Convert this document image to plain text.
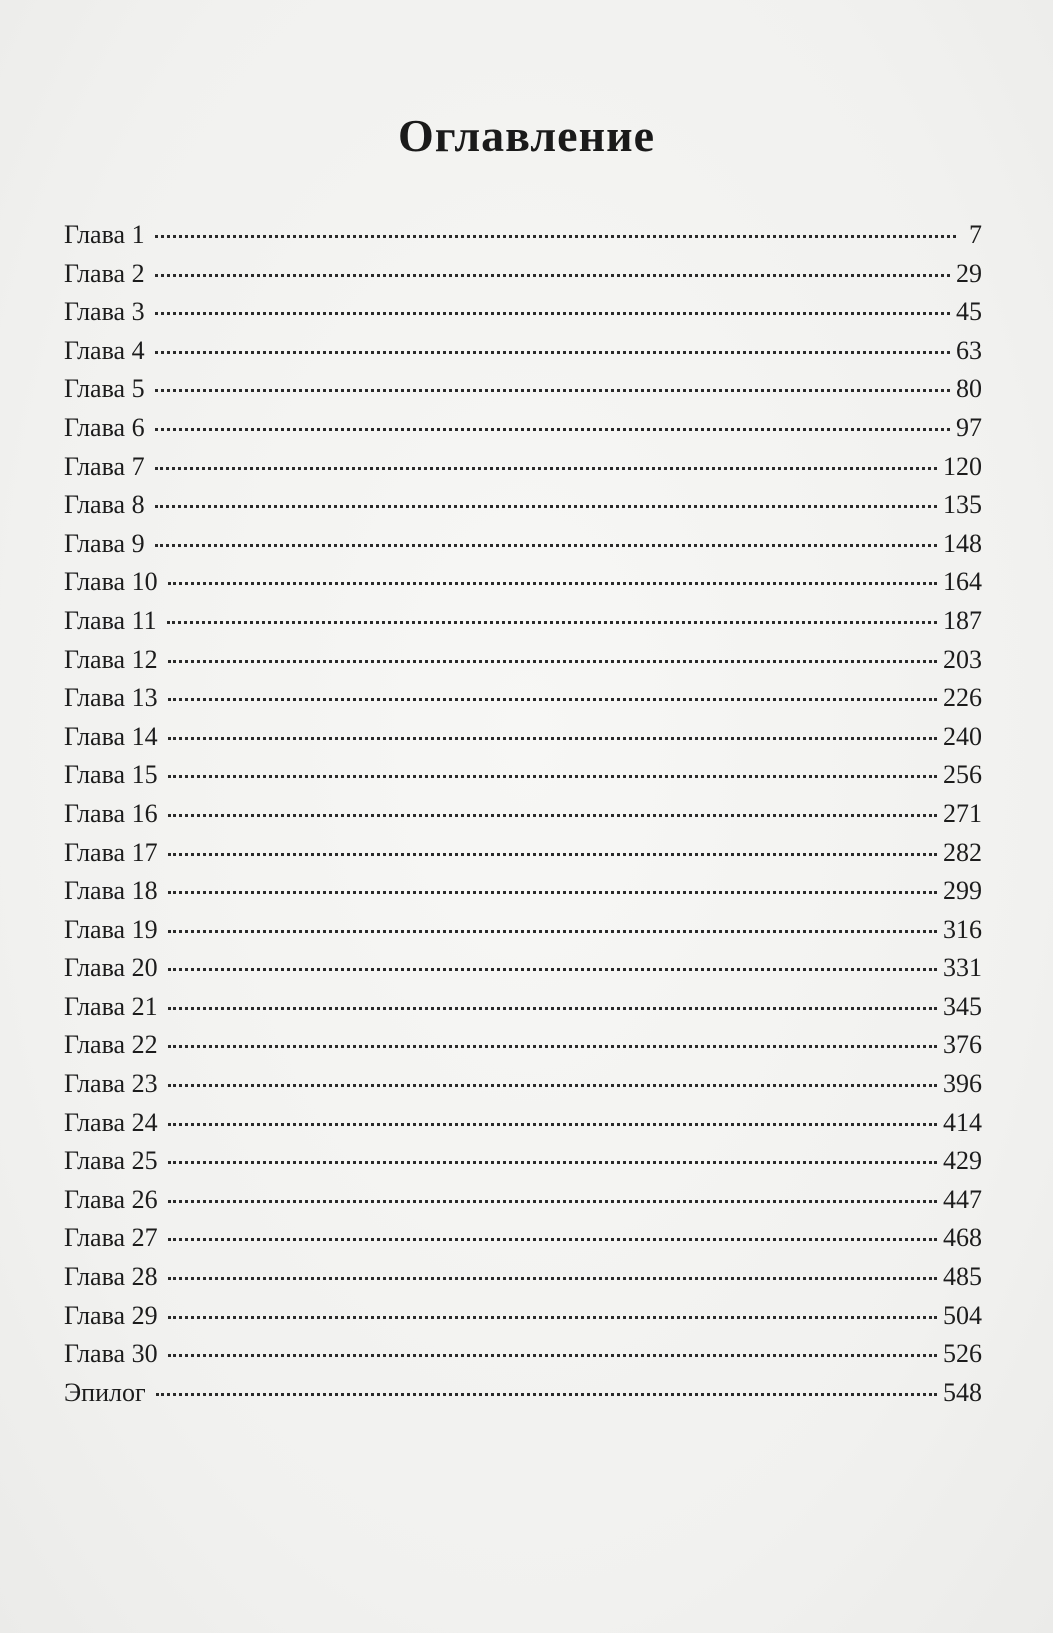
Оглавление
Глава 1	7
Глава 2	29
Глава 3	45
Глава 4	63
Глава 5	80
Глава 6	97
Глава 7	120
Глава 8	135
Глава 9	148
Глава 10	164
Глава 11	187
Глава 12	203
Глава 13	226
Глава 14	240
Глава 15	256
Глава 16	271
Глава 17	282
Глава 18	299
Глава 19	316
Глава 20	331
Глава 21	345
Глава 22	376
Глава 23	396
Глава 24	414
Глава 25	429
Глава 26	447
Глава 27	468
Глава 28	485
Глава 29	504
Глава 30	526
Эпилог	548
